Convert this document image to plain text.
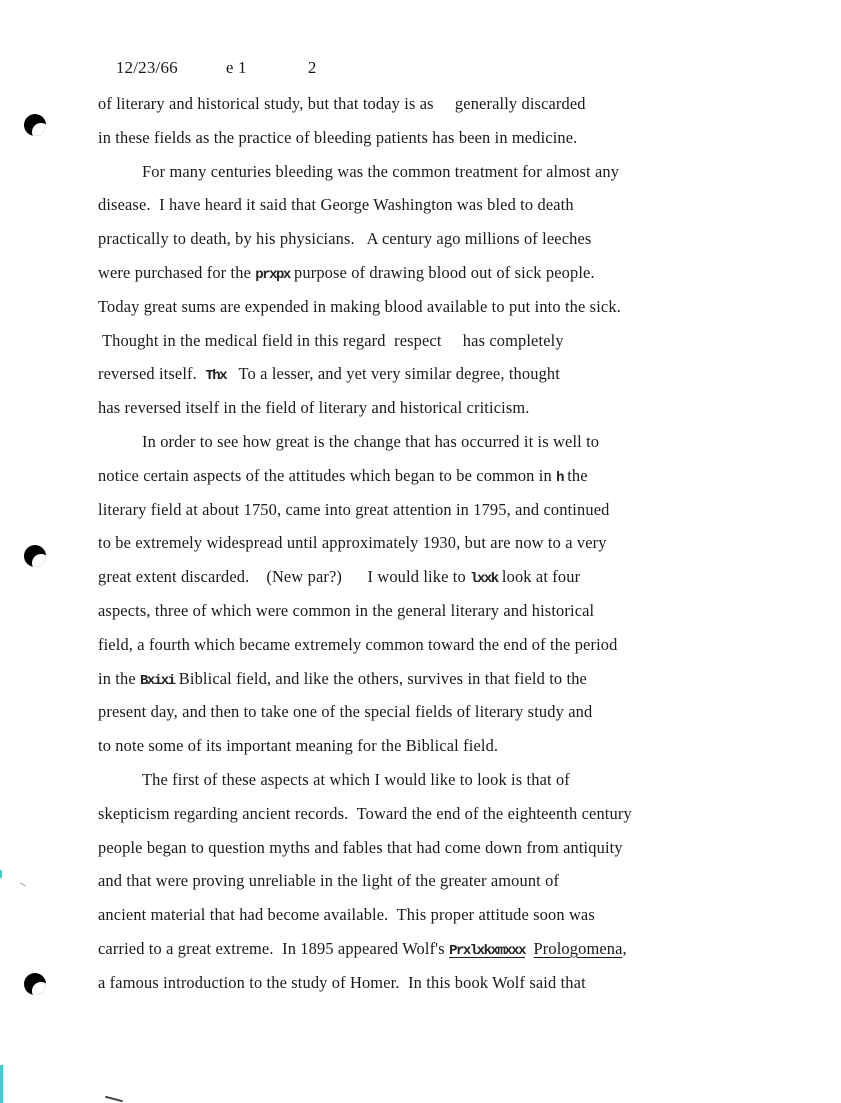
12/23/66	e 1	2

of literary and historical study, but that today is as     generally discarded
in these fields as the practice of bleeding patients has been in medicine.
For many centuries bleeding was the common treatment for almost any
disease.  I have heard it said that George Washington was bled to death
practically to death, by his physicians.   A century ago millions of leeches
were purchased for the prxpx purpose of drawing blood out of sick people.
Today great sums are expended in making blood available to put into the sick.
Thought in the medical field in this regard  respect     has completely
reversed itself.  Thx   To a lesser, and yet very similar degree, thought
has reversed itself in the field of literary and historical criticism.
In order to see how great is the change that has occurred it is well to
notice certain aspects of the attitudes which began to be common in h the
literary field at about 1750, came into great attention in 1795, and continued
to be extremely widespread until approximately 1930, but are now to a very
great extent discarded.    (New par?)      I would like to lxxk look at four
aspects, three of which were common in the general literary and historical
field, a fourth which became extremely common toward the end of the period
in the Bxixi Biblical field, and like the others, survives in that field to the
present day, and then to take one of the special fields of literary study and
to note some of its important meaning for the Biblical field.
The first of these aspects at which I would like to look is that of
skepticism regarding ancient records.  Toward the end of the eighteenth century
people began to question myths and fables that had come down from antiquity
and that were proving unreliable in the light of the greater amount of
ancient material that had become available.  This proper attitude soon was
carried to a great extreme.  In 1895 appeared Wolf's Prxlxkxmxxx Prologomena,
a famous introduction to the study of Homer.  In this book Wolf said that
